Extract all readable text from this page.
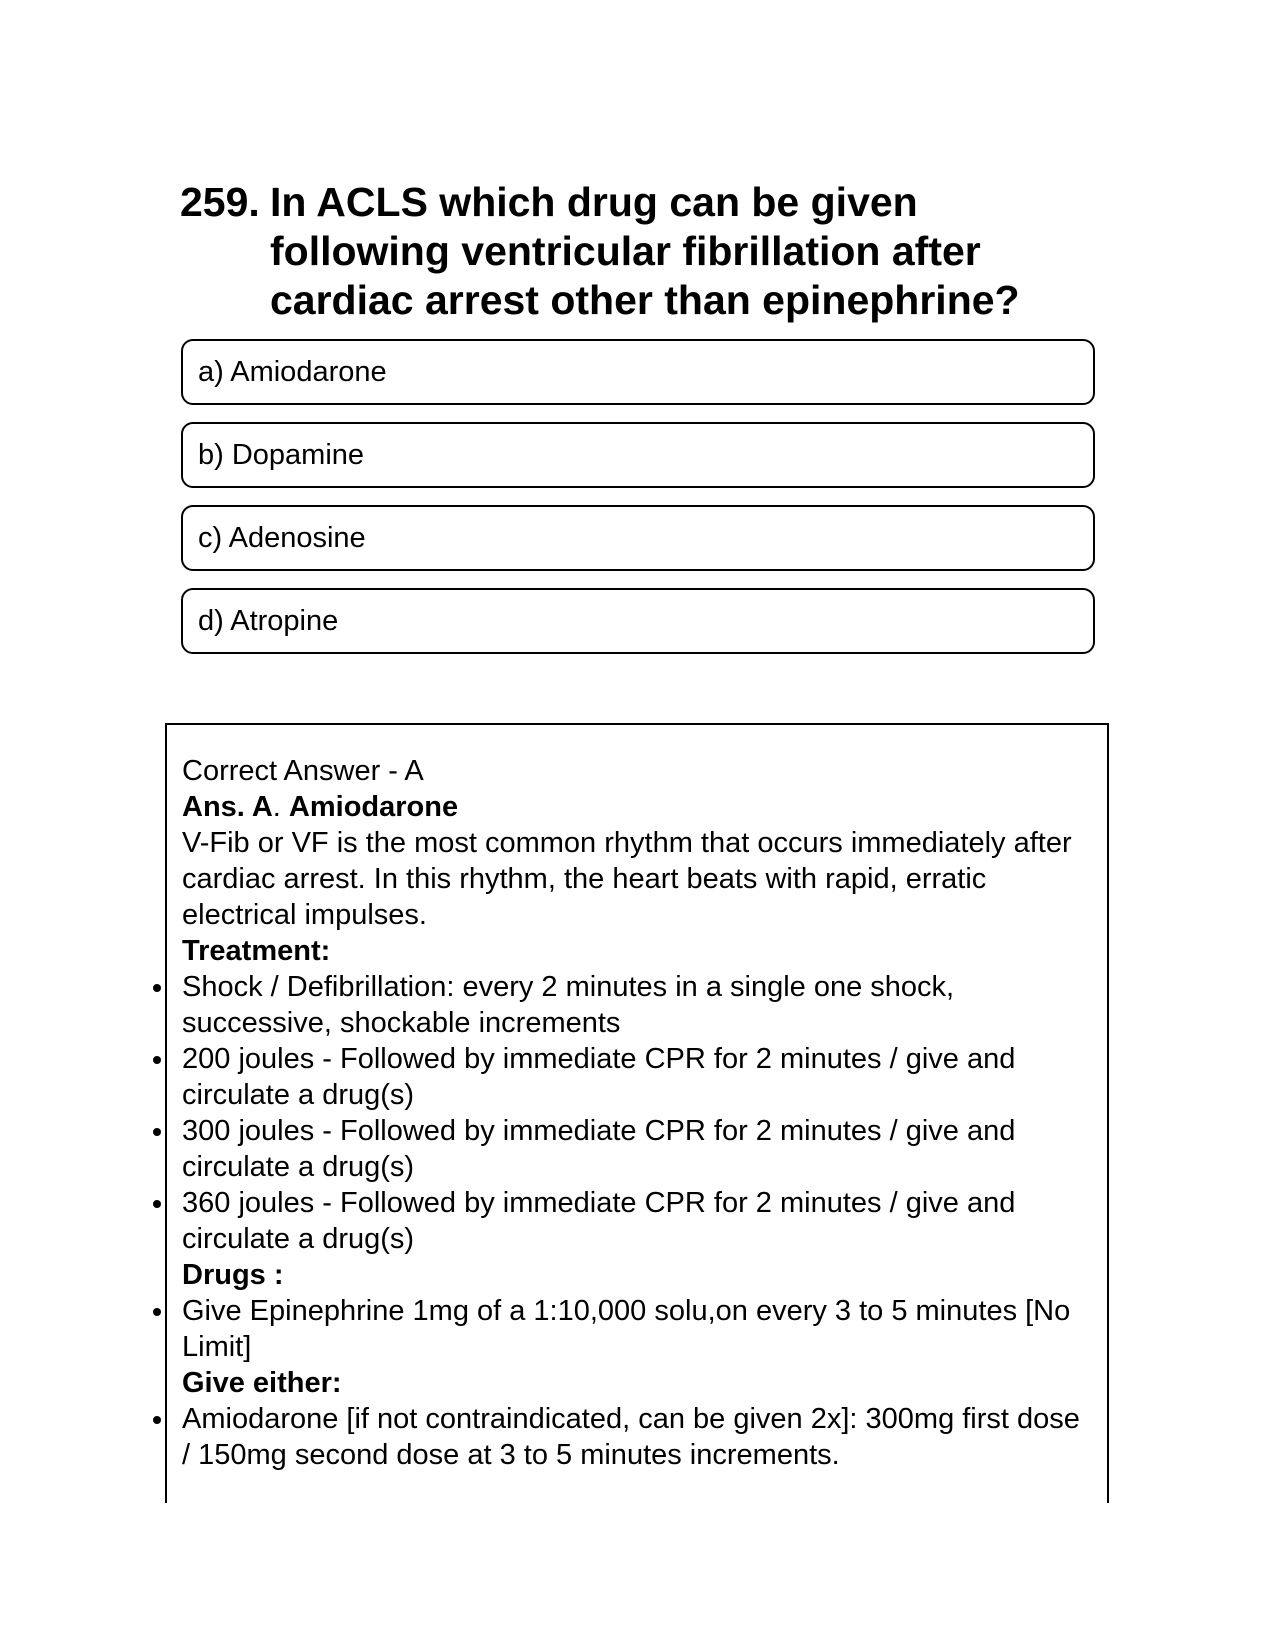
259. In ACLS which drug can be given following ventricular fibrillation after cardiac arrest other than epinephrine?
a) Amiodarone
b) Dopamine
c) Adenosine
d) Atropine

Correct Answer - A

Ans. A. Amiodarone

V-Fib or VF is the most common rhythm that occurs immediately after cardiac arrest. In this rhythm, the heart beats with rapid, erratic electrical impulses.

Treatment:

Shock / Defibrillation: every 2 minutes in a single one shock, successive, shockable increments
200 joules - Followed by immediate CPR for 2 minutes / give and circulate a drug(s)
300 joules - Followed by immediate CPR for 2 minutes / give and circulate a drug(s)
360 joules - Followed by immediate CPR for 2 minutes / give and circulate a drug(s)

Drugs :

Give Epinephrine 1mg of a 1:10,000 solu,on every 3 to 5 minutes [No Limit]

Give either:

Amiodarone [if not contraindicated, can be given 2x]: 300mg first dose / 150mg second dose at 3 to 5 minutes increments.
